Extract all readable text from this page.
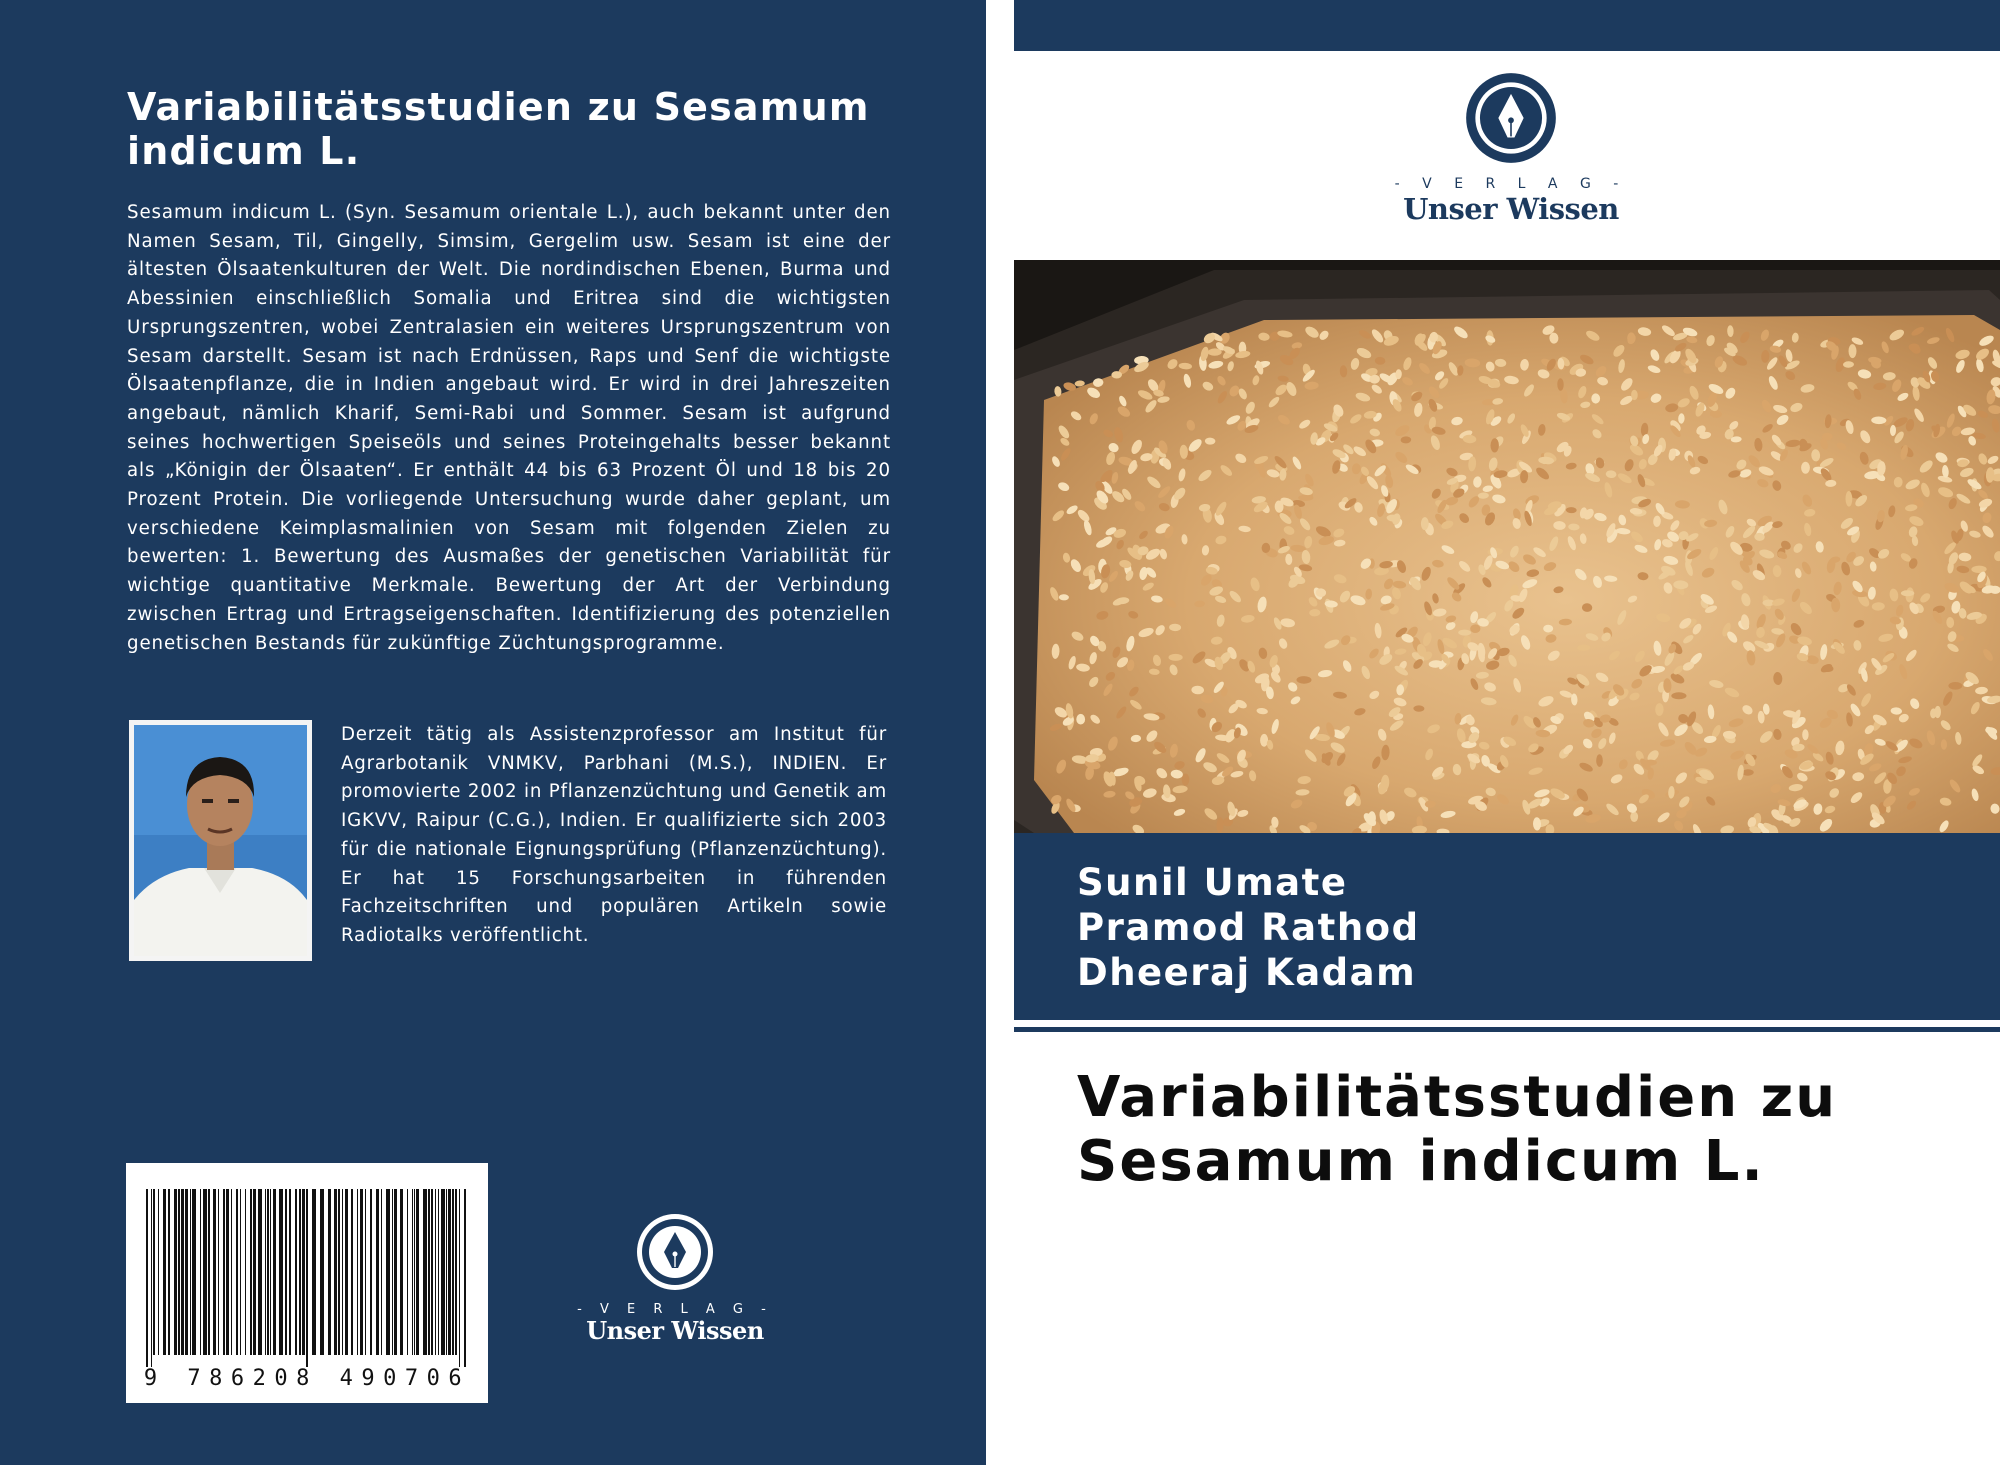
Variabilitätsstudien zu Sesamum indicum L.

Sesamum indicum L. (Syn. Sesamum orientale L.), auch bekannt unter den Namen Sesam, Til, Gingelly, Simsim, Gergelim usw. Sesam ist eine der ältesten Ölsaatenkulturen der Welt. Die nordindischen Ebenen, Burma und Abessinien einschließlich Somalia und Eritrea sind die wichtigsten Ursprungszentren, wobei Zentralasien ein weiteres Ursprungszentrum von Sesam darstellt. Sesam ist nach Erdnüssen, Raps und Senf die wichtigste Ölsaatenpflanze, die in Indien angebaut wird. Er wird in drei Jahreszeiten angebaut, nämlich Kharif, Semi-Rabi und Sommer. Sesam ist aufgrund seines hochwertigen Speiseöls und seines Proteingehalts besser bekannt als „Königin der Ölsaaten“. Er enthält 44 bis 63 Prozent Öl und 18 bis 20 Prozent Protein. Die vorliegende Untersuchung wurde daher geplant, um verschiedene Keimplasmalinien von Sesam mit folgenden Zielen zu bewerten: 1. Bewertung des Ausmaßes der genetischen Variabilität für wichtige quantitative Merkmale. Bewertung der Art der Verbindung zwischen Ertrag und Ertragseigenschaften. Identifizierung des potenziellen genetischen Bestands für zukünftige Züchtungsprogramme.

Derzeit tätig als Assistenzprofessor am Institut für Agrarbotanik VNMKV, Parbhani (M.S.), INDIEN. Er promovierte 2002 in Pflanzenzüchtung und Genetik am IGKVV, Raipur (C.G.), Indien. Er qualifizierte sich 2003 für die nationale Eignungsprüfung (Pflanzenzüchtung). Er hat 15 Forschungsarbeiten in führenden Fachzeitschriften und populären Artikeln sowie Radiotalks veröffentlicht.

9 786208 490706
- V E R L A G -
Unser Wissen
- V E R L A G -
Unser Wissen

Sunil Umate

Pramod Rathod

Dheeraj Kadam

Variabilitätsstudien zu Sesamum indicum L.
